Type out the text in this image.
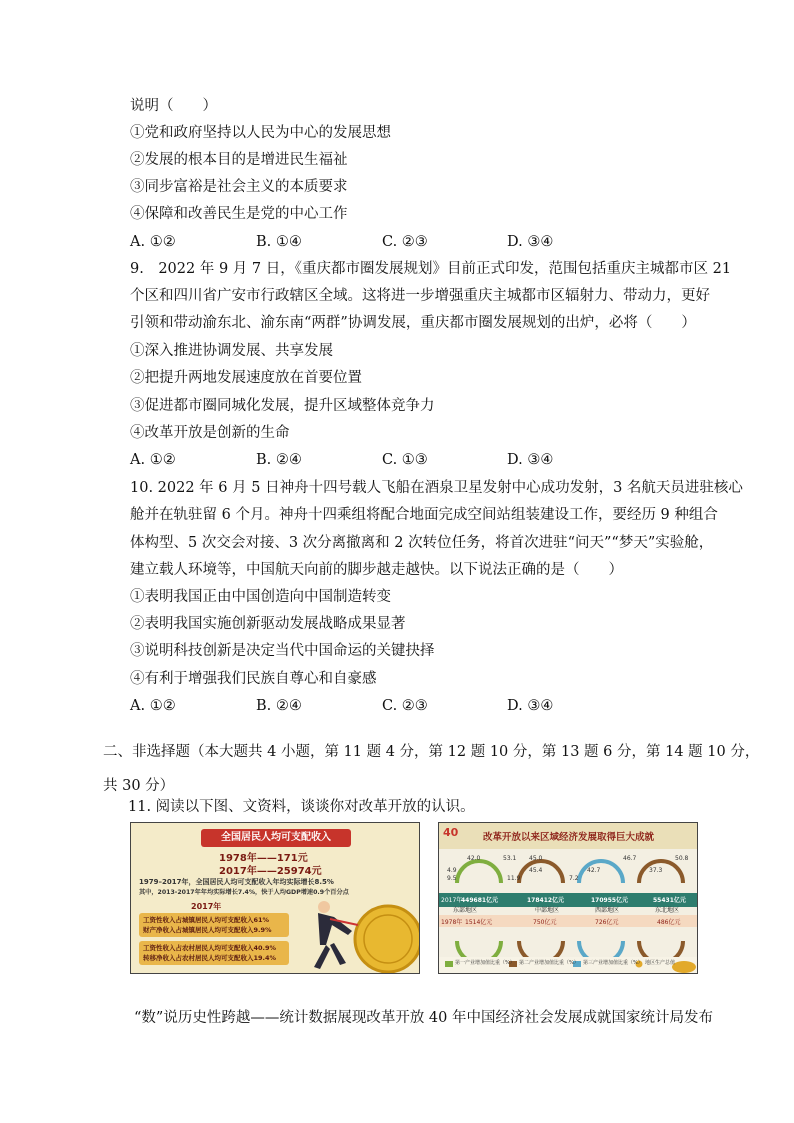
说明（　　）
①党和政府坚持以人民为中心的发展思想
②发展的根本目的是增进民生福祉
③同步富裕是社会主义的本质要求
④保障和改善民生是党的中心工作
A. ①②	B. ①④	C. ②③	D. ③④
9.　2022 年 9 月 7 日，《重庆都市圈发展规划》目前正式印发，范围包括重庆主城都市区 21
个区和四川省广安市行政辖区全域。这将进一步增强重庆主城都市区辐射力、带动力，更好
引领和带动渝东北、渝东南“两群”协调发展，重庆都市圈发展规划的出炉，必将（　　）
①深入推进协调发展、共享发展
②把提升两地发展速度放在首要位置
③促进都市圈同城化发展，提升区域整体竞争力
④改革开放是创新的生命
A. ①②	B. ②④	C. ①③	D. ③④
10. 2022 年 6 月 5 日神舟十四号载人飞船在酒泉卫星发射中心成功发射，3 名航天员进驻核心
舱并在轨驻留 6 个月。神舟十四乘组将配合地面完成空间站组装建设工作，要经历 9 种组合
体构型、5 次交会对接、3 次分离撤离和 2 次转位任务，将首次进驻“问天”“梦天”实验舱，
建立载人环境等，中国航天向前的脚步越走越快。以下说法正确的是（　　）
①表明我国正由中国创造向中国制造转变
②表明我国实施创新驱动发展战略成果显著
③说明科技创新是决定当代中国命运的关键抉择
④有利于增强我们民族自尊心和自豪感
A. ①②	B. ②④	C. ②③	D. ③④
二、非选择题（本大题共 4 小题，第 11 题 4 分，第 12 题 10 分，第 13 题 6 分，第 14 题 10 分，
共 30 分）
11. 阅读以下图、文资料，谈谈你对改革开放的认识。
全国居民人均可支配收入
1978年——171元
2017年——25974元
1979–2017年，全国居民人均可支配收入年均实际增长8.5%
其中，2013-2017年年均实际增长7.4%，快于人均GDP增速0.9个百分点
2017年
工资性收入占城镇居民人均可支配收入61%
财产净收入占城镇居民人均可支配收入9.9%
工资性收入占农村居民人均可支配收入40.9%
转移净收入占农村居民人均可支配收入19.4%
40	改革开放以来区域经济发展取得巨大成就
42.0	53.1 45.0
45.4	42.7
46.7	50.8
37.3
4.9
9.5	11.9	7.2
2017年
449681亿元	178412亿元	170955亿元	55431亿元
东部地区	中部地区	西部地区	东北地区
1978年 1514亿元	750亿元	726亿元	486亿元
第一产业增加值比重（%） 第二产业增加值比重（%） 第三产业增加值比重（%） 地区生产总值
“数”说历史性跨越——统计数据展现改革开放 40 年中国经济社会发展成就国家统计局发布
